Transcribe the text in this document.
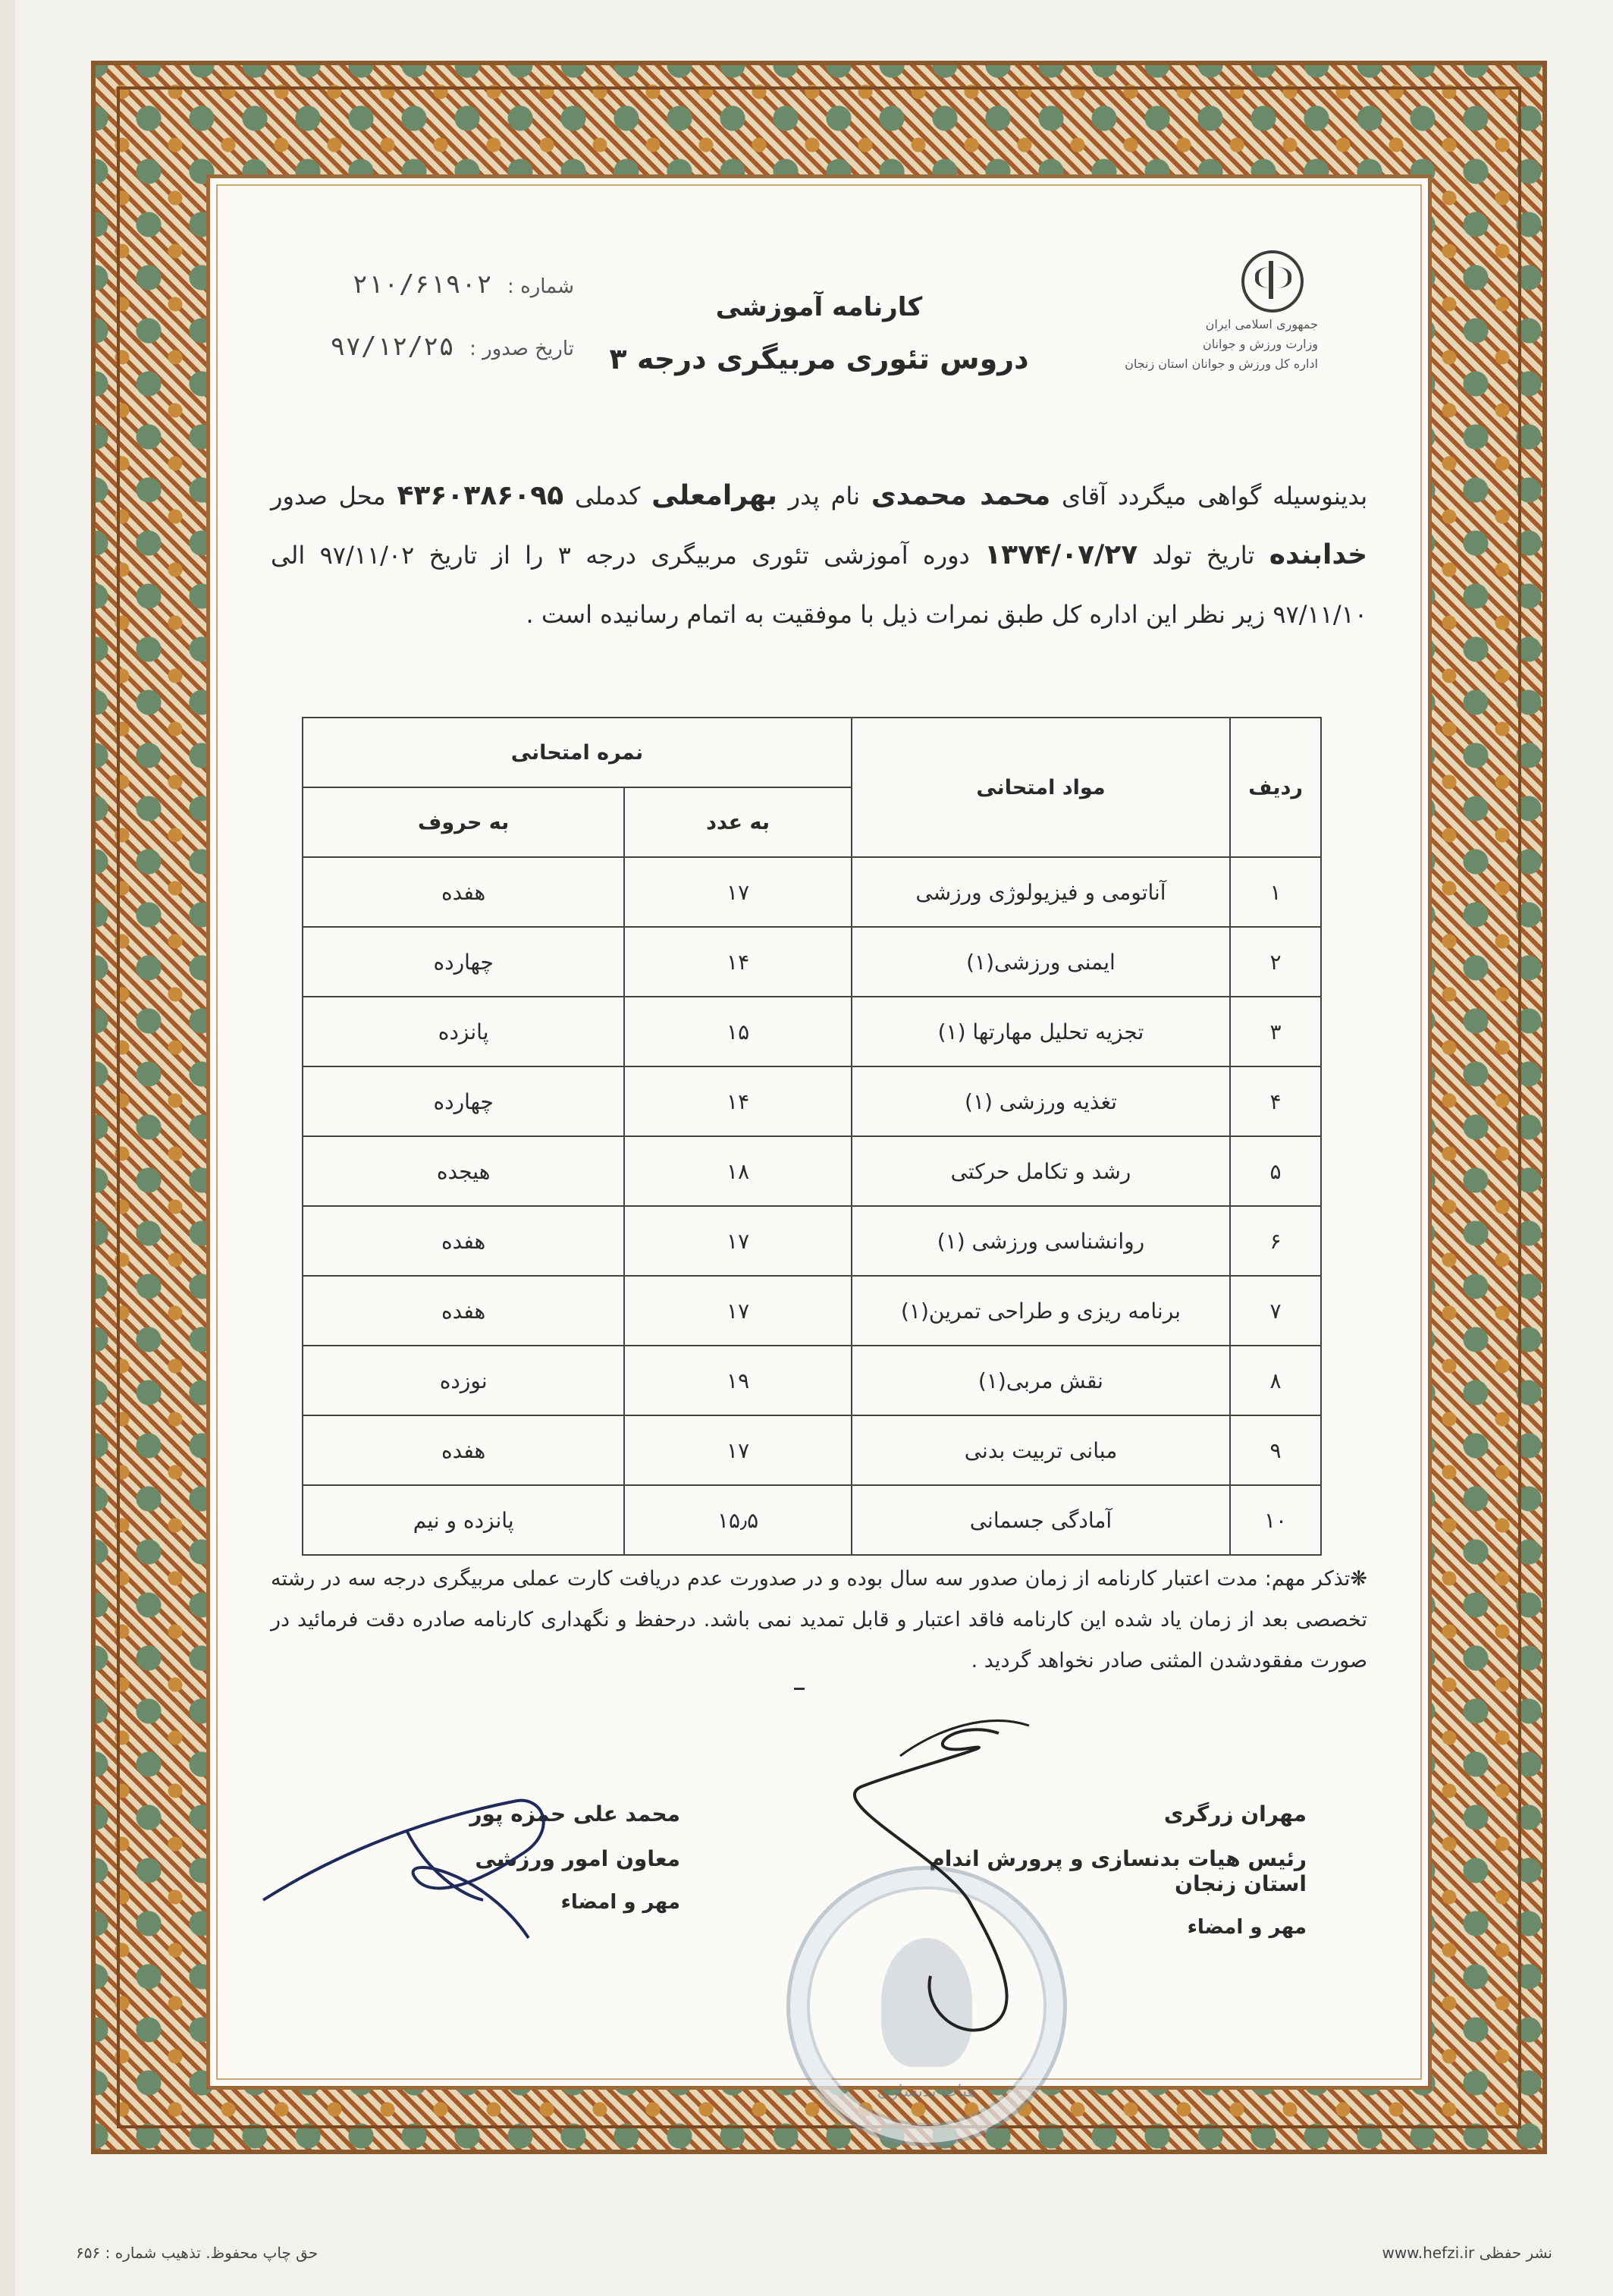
جمهوری اسلامی ایران
وزارت ورزش و جوانان
اداره کل ورزش و جوانان استان زنجان

کارنامه آموزشی

دروس تئوری مربیگری درجه ۳

شماره : ۲۱۰/۶۱۹۰۲
تاریخ صدور : ۹۷/۱۲/۲۵
بدینوسیله گواهی میگردد آقای محمد محمدی نام پدر بهرامعلی کدملی ۴۳۶۰۳۸۶۰۹۵ محل صدور خدابنده تاریخ تولد ۱۳۷۴/۰۷/۲۷ دوره آموزشی تئوری مربیگری درجه ۳ را از تاریخ ۹۷/۱۱/۰۲ الی ۹۷/۱۱/۱۰ زیر نظر این اداره کل طبق نمرات ذیل با موفقیت به اتمام رسانیده است .
ردیف	مواد امتحانی	نمره امتحانی	
		به عدد	به حروف
۱	آناتومی و فیزیولوژی ورزشی	۱۷	هفده
۲	ایمنی ورزشی(۱)	۱۴	چهارده
۳	تجزیه تحلیل مهارتها (۱)	۱۵	پانزده
۴	تغذیه ورزشی (۱)	۱۴	چهارده
۵	رشد و تکامل حرکتی	۱۸	هیجده
۶	روانشناسی ورزشی (۱)	۱۷	هفده
۷	برنامه ریزی و طراحی تمرین(۱)	۱۷	هفده
۸	نقش مربی(۱)	۱۹	نوزده
۹	مبانی تربیت بدنی	۱۷	هفده
۱۰	آمادگی جسمانی	۱۵٫۵	پانزده و نیم
❋تذکر مهم: مدت اعتبار کارنامه از زمان صدور سه سال بوده و در صدورت عدم دریافت کارت عملی مربیگری درجه سه در رشته تخصصی بعد از زمان یاد شده این کارنامه فاقد اعتبار و قابل تمدید نمی باشد. درحفظ و نگهداری کارنامه صادره دقت فرمائید در صورت مفقودشدن المثنی صادر نخواهد گردید .
مهران زرگری
رئیس هیات بدنسازی و پرورش اندام استان زنجان
مهر و امضاء
محمد علی حمزه پور
معاون امور ورزشی
مهر و امضاء
هیات بدنسازی
حق چاپ محفوظ. تذهیب شماره : ۶۵۶	www.hefzi.ir نشر حفظی
